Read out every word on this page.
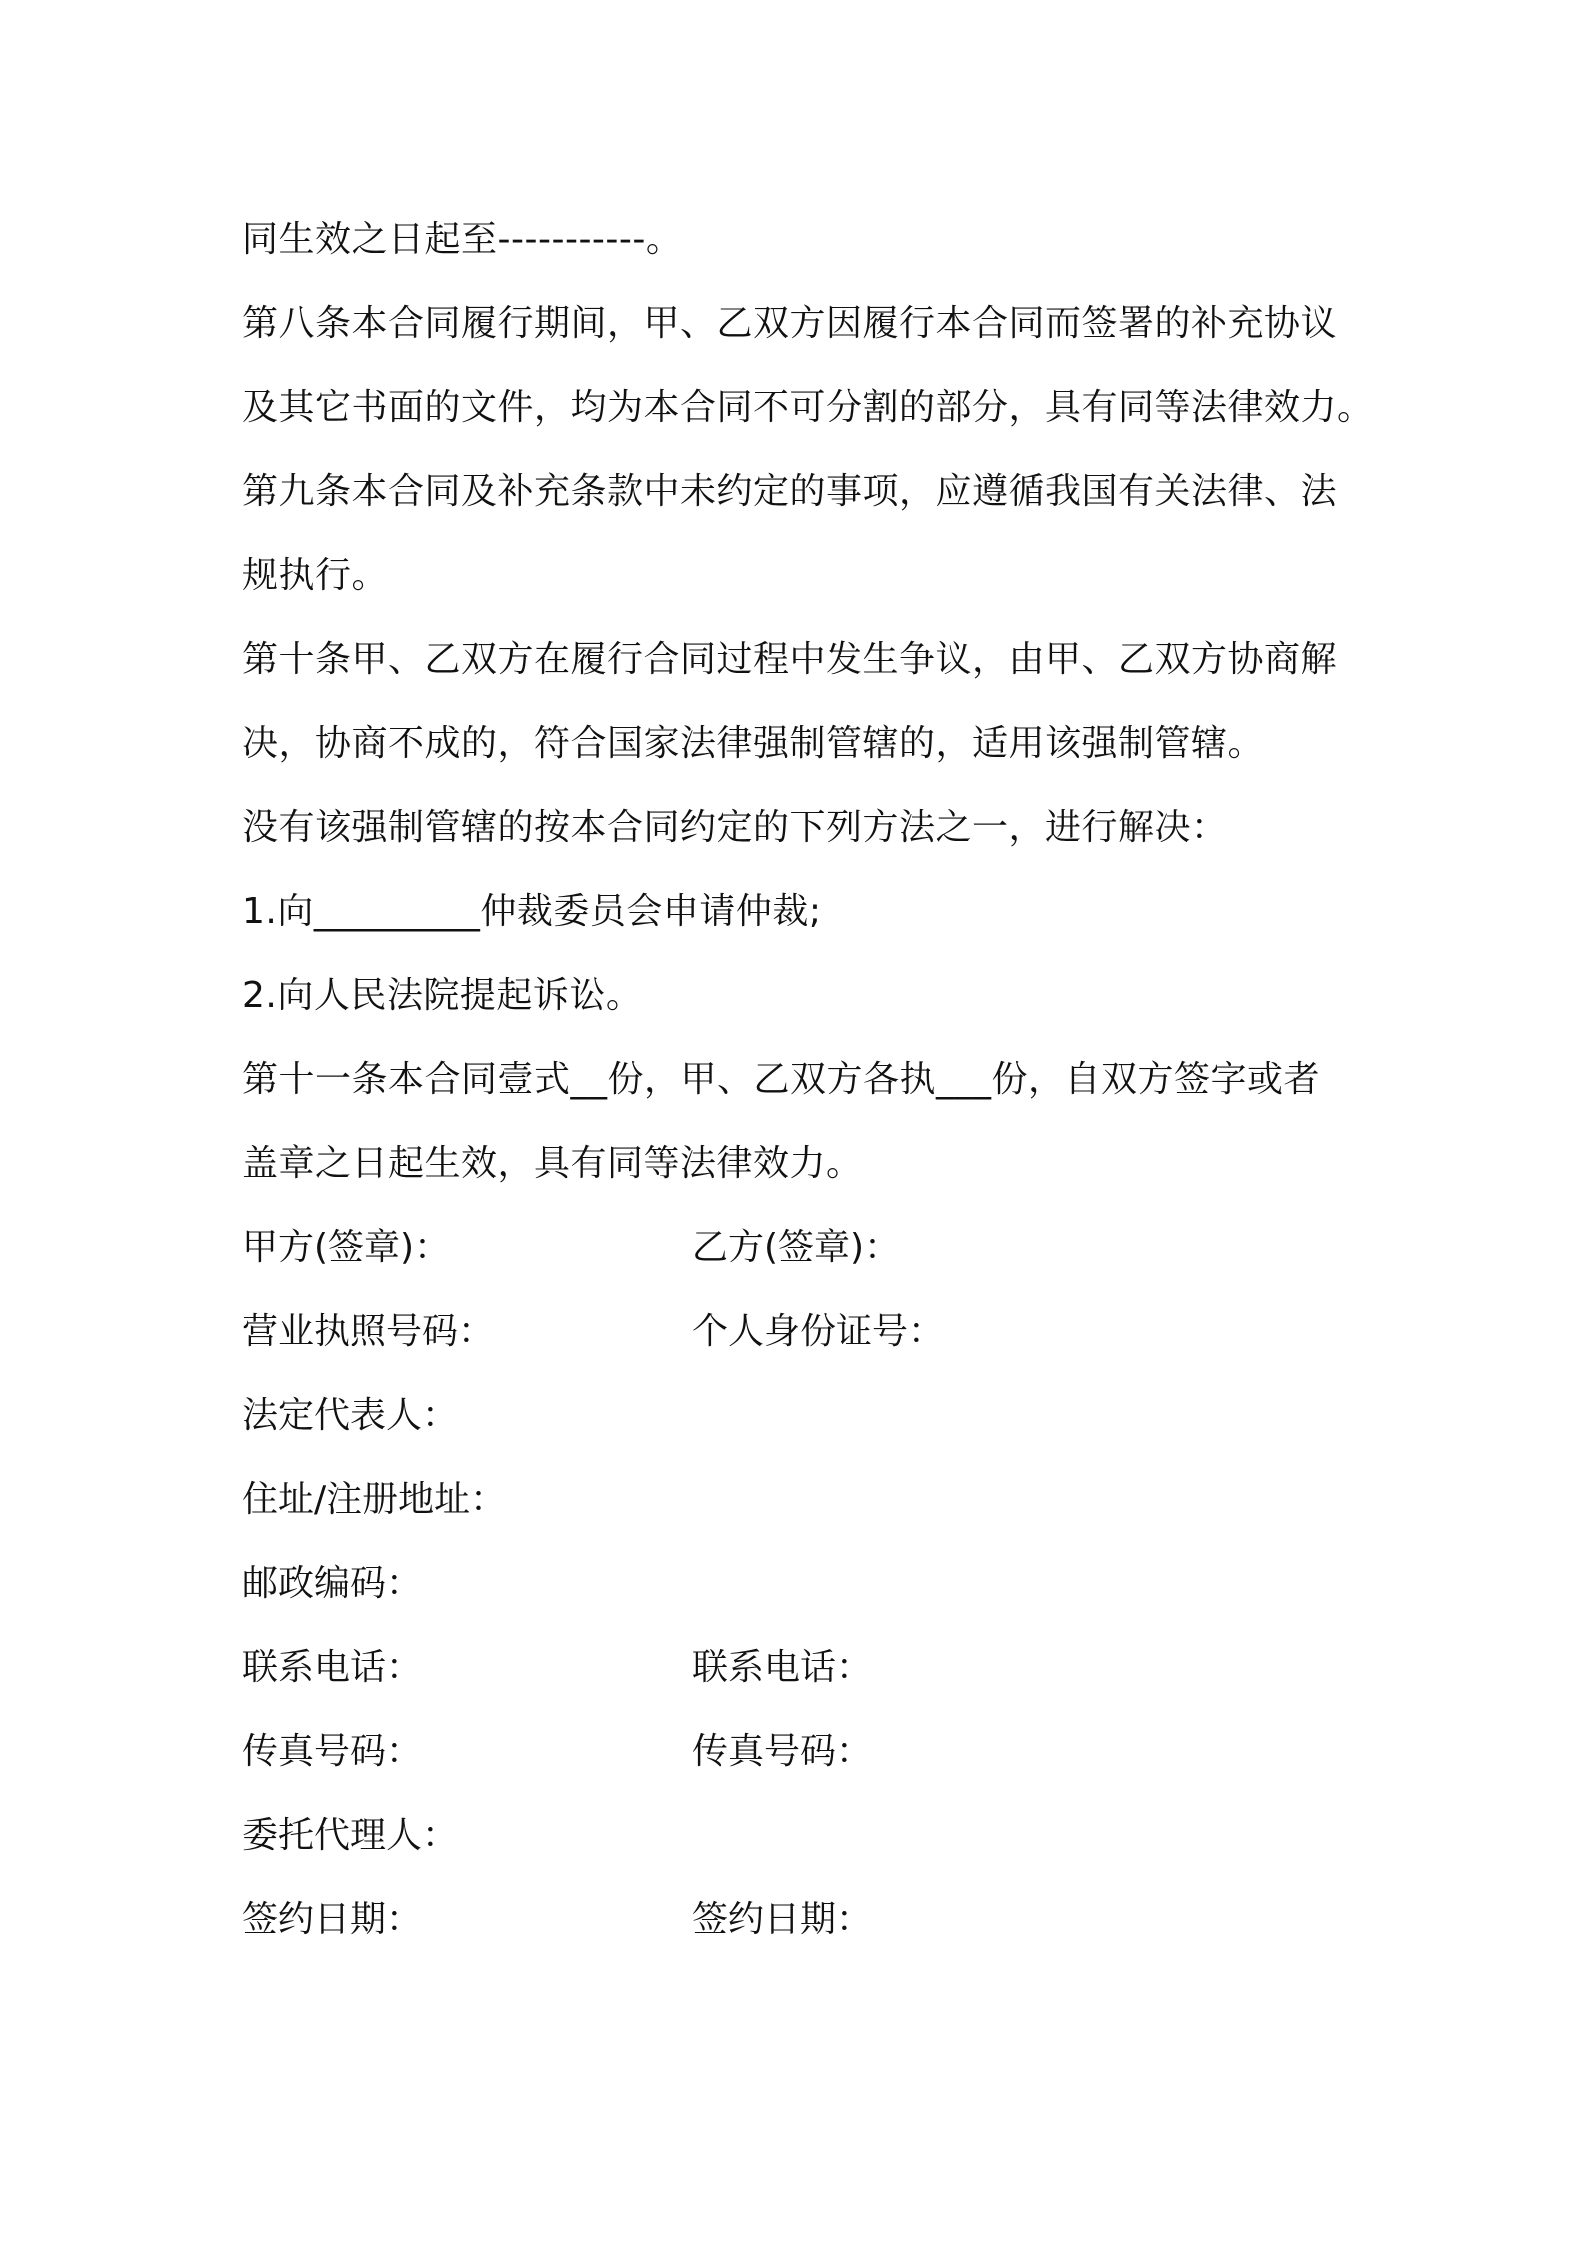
同生效之日起至-----------。
第八条本合同履行期间，甲、乙双方因履行本合同而签署的补充协议
及其它书面的文件，均为本合同不可分割的部分，具有同等法律效力。
第九条本合同及补充条款中未约定的事项，应遵循我国有关法律、法
规执行。
第十条甲、乙双方在履行合同过程中发生争议，由甲、乙双方协商解
决，协商不成的，符合国家法律强制管辖的，适用该强制管辖。
没有该强制管辖的按本合同约定的下列方法之一，进行解决：
1.向_________仲裁委员会申请仲裁;
2.向人民法院提起诉讼。
第十一条本合同壹式__份，甲、乙双方各执___份，自双方签字或者
盖章之日起生效，具有同等法律效力。
甲方(签章)：	乙方(签章)：
营业执照号码：	个人身份证号：
法定代表人：
住址/注册地址：
邮政编码：
联系电话：	联系电话：
传真号码：	传真号码：
委托代理人：
签约日期：	签约日期：
